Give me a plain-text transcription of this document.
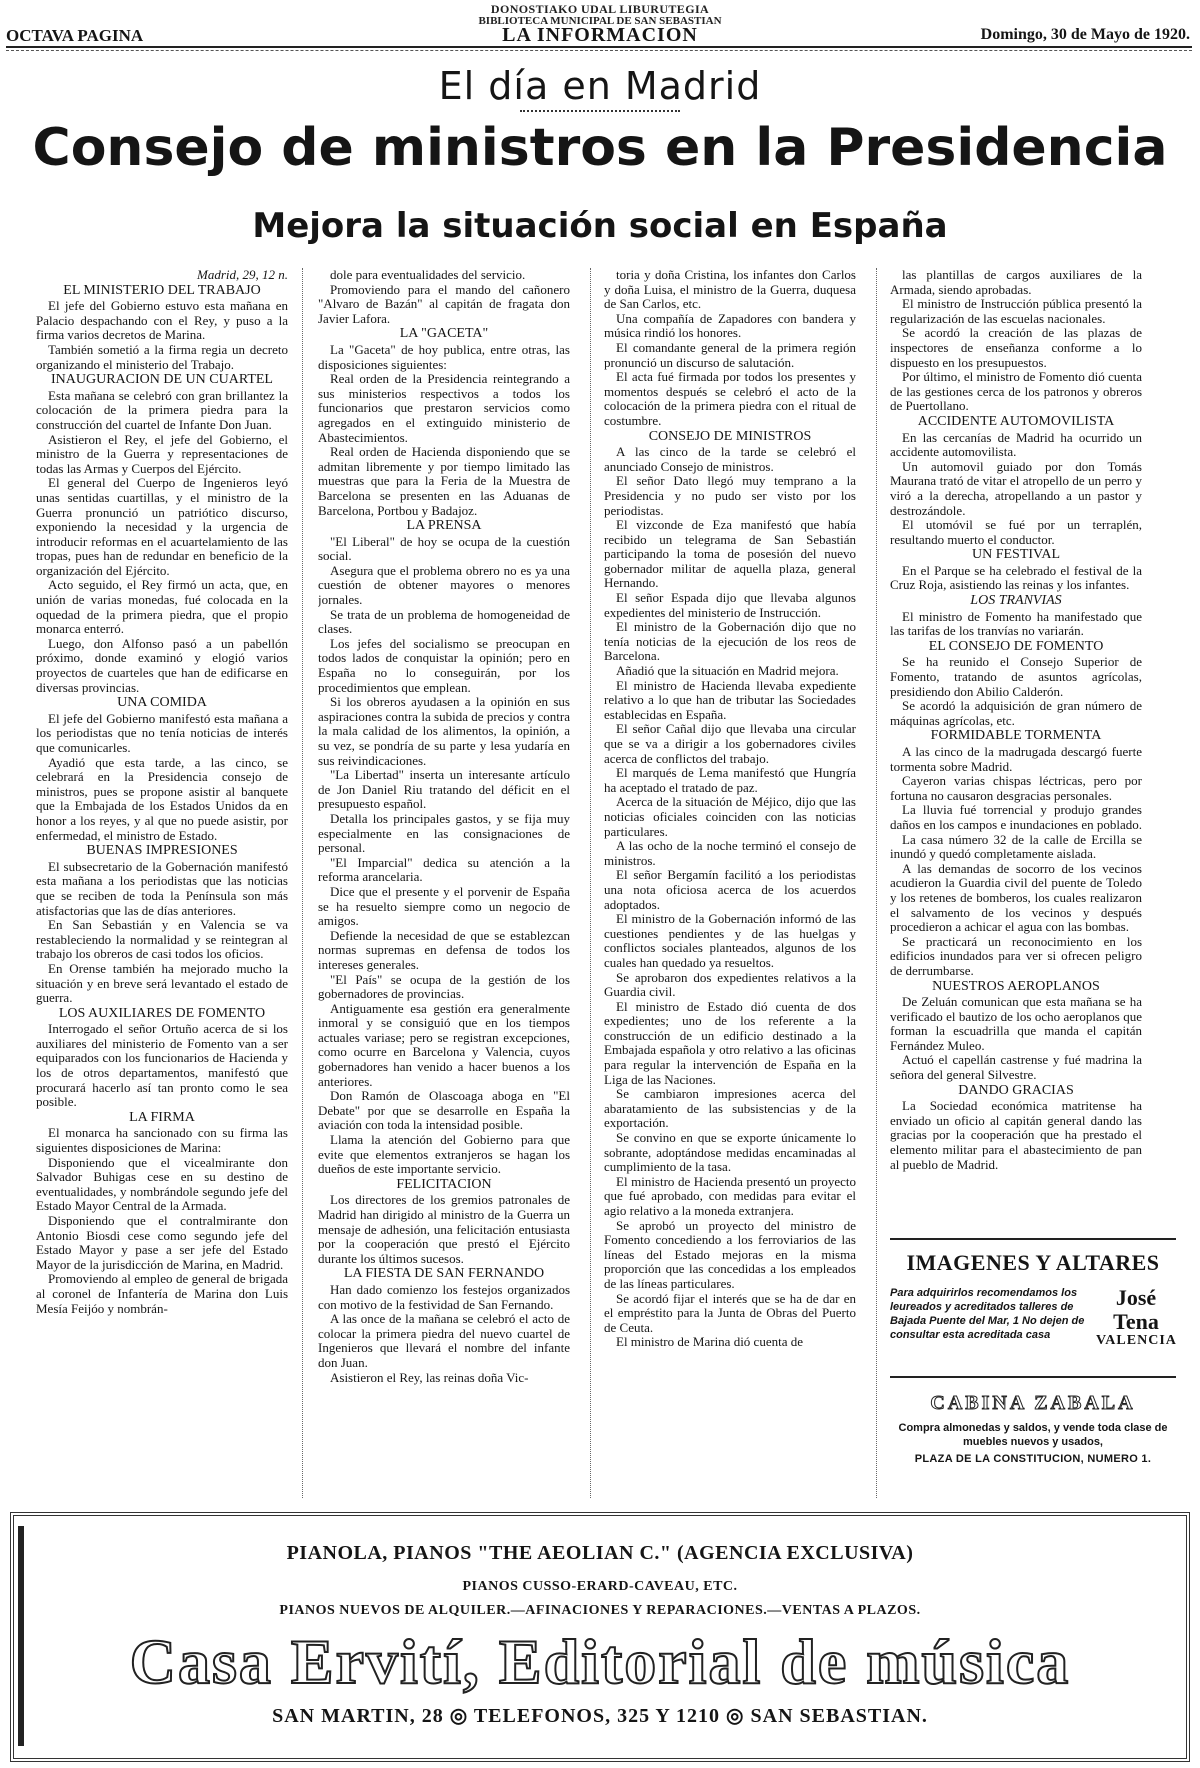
DONOSTIAKO UDAL LIBURUTEGIA
BIBLIOTECA MUNICIPAL DE SAN SEBASTIAN
OCTAVA PAGINA	LA INFORMACION	Domingo, 30 de Mayo de 1920.
El día en Madrid
Consejo de ministros en la Presidencia
Mejora la situación social en España
Madrid, 29, 12 n.
EL MINISTERIO DEL TRABAJO

El jefe del Gobierno estuvo esta mañana en Palacio despachando con el Rey, y puso a la firma varios decretos de Marina.

También sometió a la firma regia un decreto organizando el ministerio del Trabajo.

INAUGURACION DE UN CUARTEL

Esta mañana se celebró con gran brillantez la colocación de la primera piedra para la construcción del cuartel de Infante Don Juan.

Asistieron el Rey, el jefe del Gobierno, el ministro de la Guerra y representaciones de todas las Armas y Cuerpos del Ejército.

El general del Cuerpo de Ingenieros leyó unas sentidas cuartillas, y el ministro de la Guerra pronunció un patriótico discurso, exponiendo la necesidad y la urgencia de introducir reformas en el acuartelamiento de las tropas, pues han de redundar en beneficio de la organización del Ejército.

Acto seguido, el Rey firmó un acta, que, en unión de varias monedas, fué colocada en la oquedad de la primera piedra, que el propio monarca enterró.

Luego, don Alfonso pasó a un pabellón próximo, donde examinó y elogió varios proyectos de cuarteles que han de edificarse en diversas provincias.

UNA COMIDA

El jefe del Gobierno manifestó esta mañana a los periodistas que no tenía noticias de interés que comunicarles.

Ayadió que esta tarde, a las cinco, se celebrará en la Presidencia consejo de ministros, pues se propone asistir al banquete que la Embajada de los Estados Unidos da en honor a los reyes, y al que no puede asistir, por enfermedad, el ministro de Estado.

BUENAS IMPRESIONES

El subsecretario de la Gobernación manifestó esta mañana a los periodistas que las noticias que se reciben de toda la Península son más atisfactorias que las de días anteriores.

En San Sebastián y en Valencia se va restableciendo la normalidad y se reintegran al trabajo los obreros de casi todos los oficios.

En Orense también ha mejorado mucho la situación y en breve será levantado el estado de guerra.

LOS AUXILIARES DE FOMENTO

Interrogado el señor Ortuño acerca de si los auxiliares del ministerio de Fomento van a ser equiparados con los funcionarios de Hacienda y los de otros departamentos, manifestó que procurará hacerlo así tan pronto como le sea posible.

LA FIRMA

El monarca ha sancionado con su firma las siguientes disposiciones de Marina:

Disponiendo que el vicealmirante don Salvador Buhigas cese en su destino de eventualidades, y nombrándole segundo jefe del Estado Mayor Central de la Armada.

Disponiendo que el contralmirante don Antonio Biosdi cese como segundo jefe del Estado Mayor y pase a ser jefe del Estado Mayor de la jurisdicción de Marina, en Madrid.

Promoviendo al empleo de general de brigada al coronel de Infantería de Marina don Luis Mesía Feijóo y nombrán-

dole para eventualidades del servicio.

Promoviendo para el mando del cañonero "Alvaro de Bazán" al capitán de fragata don Javier Lafora.

LA "GACETA"

La "Gaceta" de hoy publica, entre otras, las disposiciones siguientes:

Real orden de la Presidencia reintegrando a sus ministerios respectivos a todos los funcionarios que prestaron servicios como agregados en el extinguido ministerio de Abastecimientos.

Real orden de Hacienda disponiendo que se admitan libremente y por tiempo limitado las muestras que para la Feria de la Muestra de Barcelona se presenten en las Aduanas de Barcelona, Portbou y Badajoz.

LA PRENSA

"El Liberal" de hoy se ocupa de la cuestión social.

Asegura que el problema obrero no es ya una cuestión de obtener mayores o menores jornales.

Se trata de un problema de homogeneidad de clases.

Los jefes del socialismo se preocupan en todos lados de conquistar la opinión; pero en España no lo conseguirán, por los procedimientos que emplean.

Si los obreros ayudasen a la opinión en sus aspiraciones contra la subida de precios y contra la mala calidad de los alimentos, la opinión, a su vez, se pondría de su parte y lesa yudaría en sus reivindicaciones.

"La Libertad" inserta un interesante artículo de Jon Daniel Riu tratando del déficit en el presupuesto español.

Detalla los principales gastos, y se fija muy especialmente en las consignaciones de personal.

"El Imparcial" dedica su atención a la reforma arancelaria.

Dice que el presente y el porvenir de España se ha resuelto siempre como un negocio de amigos.

Defiende la necesidad de que se establezcan normas supremas en defensa de todos los intereses generales.

"El País" se ocupa de la gestión de los gobernadores de provincias.

Antiguamente esa gestión era generalmente inmoral y se consiguió que en los tiempos actuales variase; pero se registran excepciones, como ocurre en Barcelona y Valencia, cuyos gobernadores han venido a hacer buenos a los anteriores.

Don Ramón de Olascoaga aboga en "El Debate" por que se desarrolle en España la aviación con toda la intensidad posible.

Llama la atención del Gobierno para que evite que elementos extranjeros se hagan los dueños de este importante servicio.

FELICITACION

Los directores de los gremios patronales de Madrid han dirigido al ministro de la Guerra un mensaje de adhesión, una felicitación entusiasta por la cooperación que prestó el Ejército durante los últimos sucesos.

LA FIESTA DE SAN FERNANDO

Han dado comienzo los festejos organizados con motivo de la festividad de San Fernando.

A las once de la mañana se celebró el acto de colocar la primera piedra del nuevo cuartel de Ingenieros que llevará el nombre del infante don Juan.

Asistieron el Rey, las reinas doña Vic-

toria y doña Cristina, los infantes don Carlos y doña Luisa, el ministro de la Guerra, duquesa de San Carlos, etc.

Una compañía de Zapadores con bandera y música rindió los honores.

El comandante general de la primera región pronunció un discurso de salutación.

El acta fué firmada por todos los presentes y momentos después se celebró el acto de la colocación de la primera piedra con el ritual de costumbre.

CONSEJO DE MINISTROS

A las cinco de la tarde se celebró el anunciado Consejo de ministros.

El señor Dato llegó muy temprano a la Presidencia y no pudo ser visto por los periodistas.

El vizconde de Eza manifestó que había recibido un telegrama de San Sebastián participando la toma de posesión del nuevo gobernador militar de aquella plaza, general Hernando.

El señor Espada dijo que llevaba algunos expedientes del ministerio de Instrucción.

El ministro de la Gobernación dijo que no tenía noticias de la ejecución de los reos de Barcelona.

Añadió que la situación en Madrid mejora.

El ministro de Hacienda llevaba expediente relativo a lo que han de tributar las Sociedades establecidas en España.

El señor Cañal dijo que llevaba una circular que se va a dirigir a los gobernadores civiles acerca de conflictos del trabajo.

El marqués de Lema manifestó que Hungría ha aceptado el tratado de paz.

Acerca de la situación de Méjico, dijo que las noticias oficiales coinciden con las noticias particulares.

A las ocho de la noche terminó el consejo de ministros.

El señor Bergamín facilitó a los periodistas una nota oficiosa acerca de los acuerdos adoptados.

El ministro de la Gobernación informó de las cuestiones pendientes y de las huelgas y conflictos sociales planteados, algunos de los cuales han quedado ya resueltos.

Se aprobaron dos expedientes relativos a la Guardia civil.

El ministro de Estado dió cuenta de dos expedientes; uno de los referente a la construcción de un edificio destinado a la Embajada española y otro relativo a las oficinas para regular la intervención de España en la Liga de las Naciones.

Se cambiaron impresiones acerca del abaratamiento de las subsistencias y de la exportación.

Se convino en que se exporte únicamente lo sobrante, adoptándose medidas encaminadas al cumplimiento de la tasa.

El ministro de Hacienda presentó un proyecto que fué aprobado, con medidas para evitar el agio relativo a la moneda extranjera.

Se aprobó un proyecto del ministro de Fomento concediendo a los ferroviarios de las líneas del Estado mejoras en la misma proporción que las concedidas a los empleados de las líneas particulares.

Se acordó fijar el interés que se ha de dar en el empréstito para la Junta de Obras del Puerto de Ceuta.

El ministro de Marina dió cuenta de

las plantillas de cargos auxiliares de la Armada, siendo aprobadas.

El ministro de Instrucción pública presentó la regularización de las escuelas nacionales.

Se acordó la creación de las plazas de inspectores de enseñanza conforme a lo dispuesto en los presupuestos.

Por último, el ministro de Fomento dió cuenta de las gestiones cerca de los patronos y obreros de Puertollano.

ACCIDENTE AUTOMOVILISTA

En las cercanías de Madrid ha ocurrido un accidente automovilista.

Un automovil guiado por don Tomás Maurana trató de vitar el atropello de un perro y viró a la derecha, atropellando a un pastor y destrozándole.

El utomóvil se fué por un terraplén, resultando muerto el conductor.

UN FESTIVAL

En el Parque se ha celebrado el festival de la Cruz Roja, asistiendo las reinas y los infantes.

LOS TRANVIAS

El ministro de Fomento ha manifestado que las tarifas de los tranvías no variarán.

EL CONSEJO DE FOMENTO

Se ha reunido el Consejo Superior de Fomento, tratando de asuntos agrícolas, presidiendo don Abilio Calderón.

Se acordó la adquisición de gran número de máquinas agrícolas, etc.

FORMIDABLE TORMENTA

A las cinco de la madrugada descargó fuerte tormenta sobre Madrid.

Cayeron varias chispas léctricas, pero por fortuna no causaron desgracias personales.

La lluvia fué torrencial y produjo grandes daños en los campos e inundaciones en poblado.

La casa número 32 de la calle de Ercilla se inundó y quedó completamente aislada.

A las demandas de socorro de los vecinos acudieron la Guardia civil del puente de Toledo y los retenes de bomberos, los cuales realizaron el salvamento de los vecinos y después procedieron a achicar el agua con las bombas.

Se practicará un reconocimiento en los edificios inundados para ver si ofrecen peligro de derrumbarse.

NUESTROS AEROPLANOS

De Zeluán comunican que esta mañana se ha verificado el bautizo de los ocho aeroplanos que forman la escuadrilla que manda el capitán Fernández Muleo.

Actuó el capellán castrense y fué madrina la señora del general Silvestre.

DANDO GRACIAS

La Sociedad económica matritense ha enviado un oficio al capitán general dando las gracias por la cooperación que ha prestado el elemento militar para el abastecimiento de pan al pueblo de Madrid.

IMAGENES Y ALTARES
Para adquirirlos recomendamos los leureados y acreditados talleres de Bajada Puente del Mar, 1 No dejen de consultar esta acreditada casa
José Tena
VALENCIA
CABINA ZABALA
Compra almonedas y saldos, y vende toda clase de muebles nuevos y usados,
PLAZA DE LA CONSTITUCION, NUMERO 1.
PIANOLA, PIANOS "THE AEOLIAN C." (AGENCIA EXCLUSIVA)
PIANOS CUSSO-ERARD-CAVEAU, ETC.
PIANOS NUEVOS DE ALQUILER.—AFINACIONES Y REPARACIONES.—VENTAS A PLAZOS.
Casa Ervití, Editorial de música
SAN MARTIN, 28 ◎ TELEFONOS, 325 Y 1210 ◎ SAN SEBASTIAN.
